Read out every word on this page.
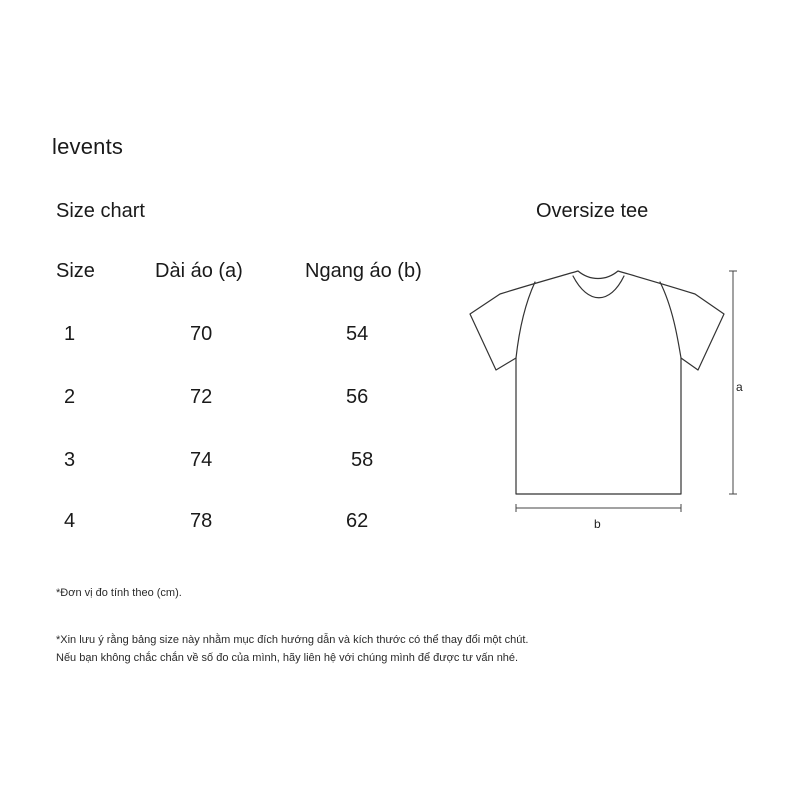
levents
Size chart	Oversize tee
Size	Dài áo (a)	Ngang áo (b)
1	70	54
2	72	56
3	74	58
4	78	62
a
b
*Đơn vị đo tính theo (cm).
*Xin lưu ý rằng bảng size này nhằm mục đích hướng dẫn và kích thước có thể thay đổi một chút.
Nếu bạn không chắc chắn về số đo của mình, hãy liên hệ với chúng mình để được tư vấn nhé.
